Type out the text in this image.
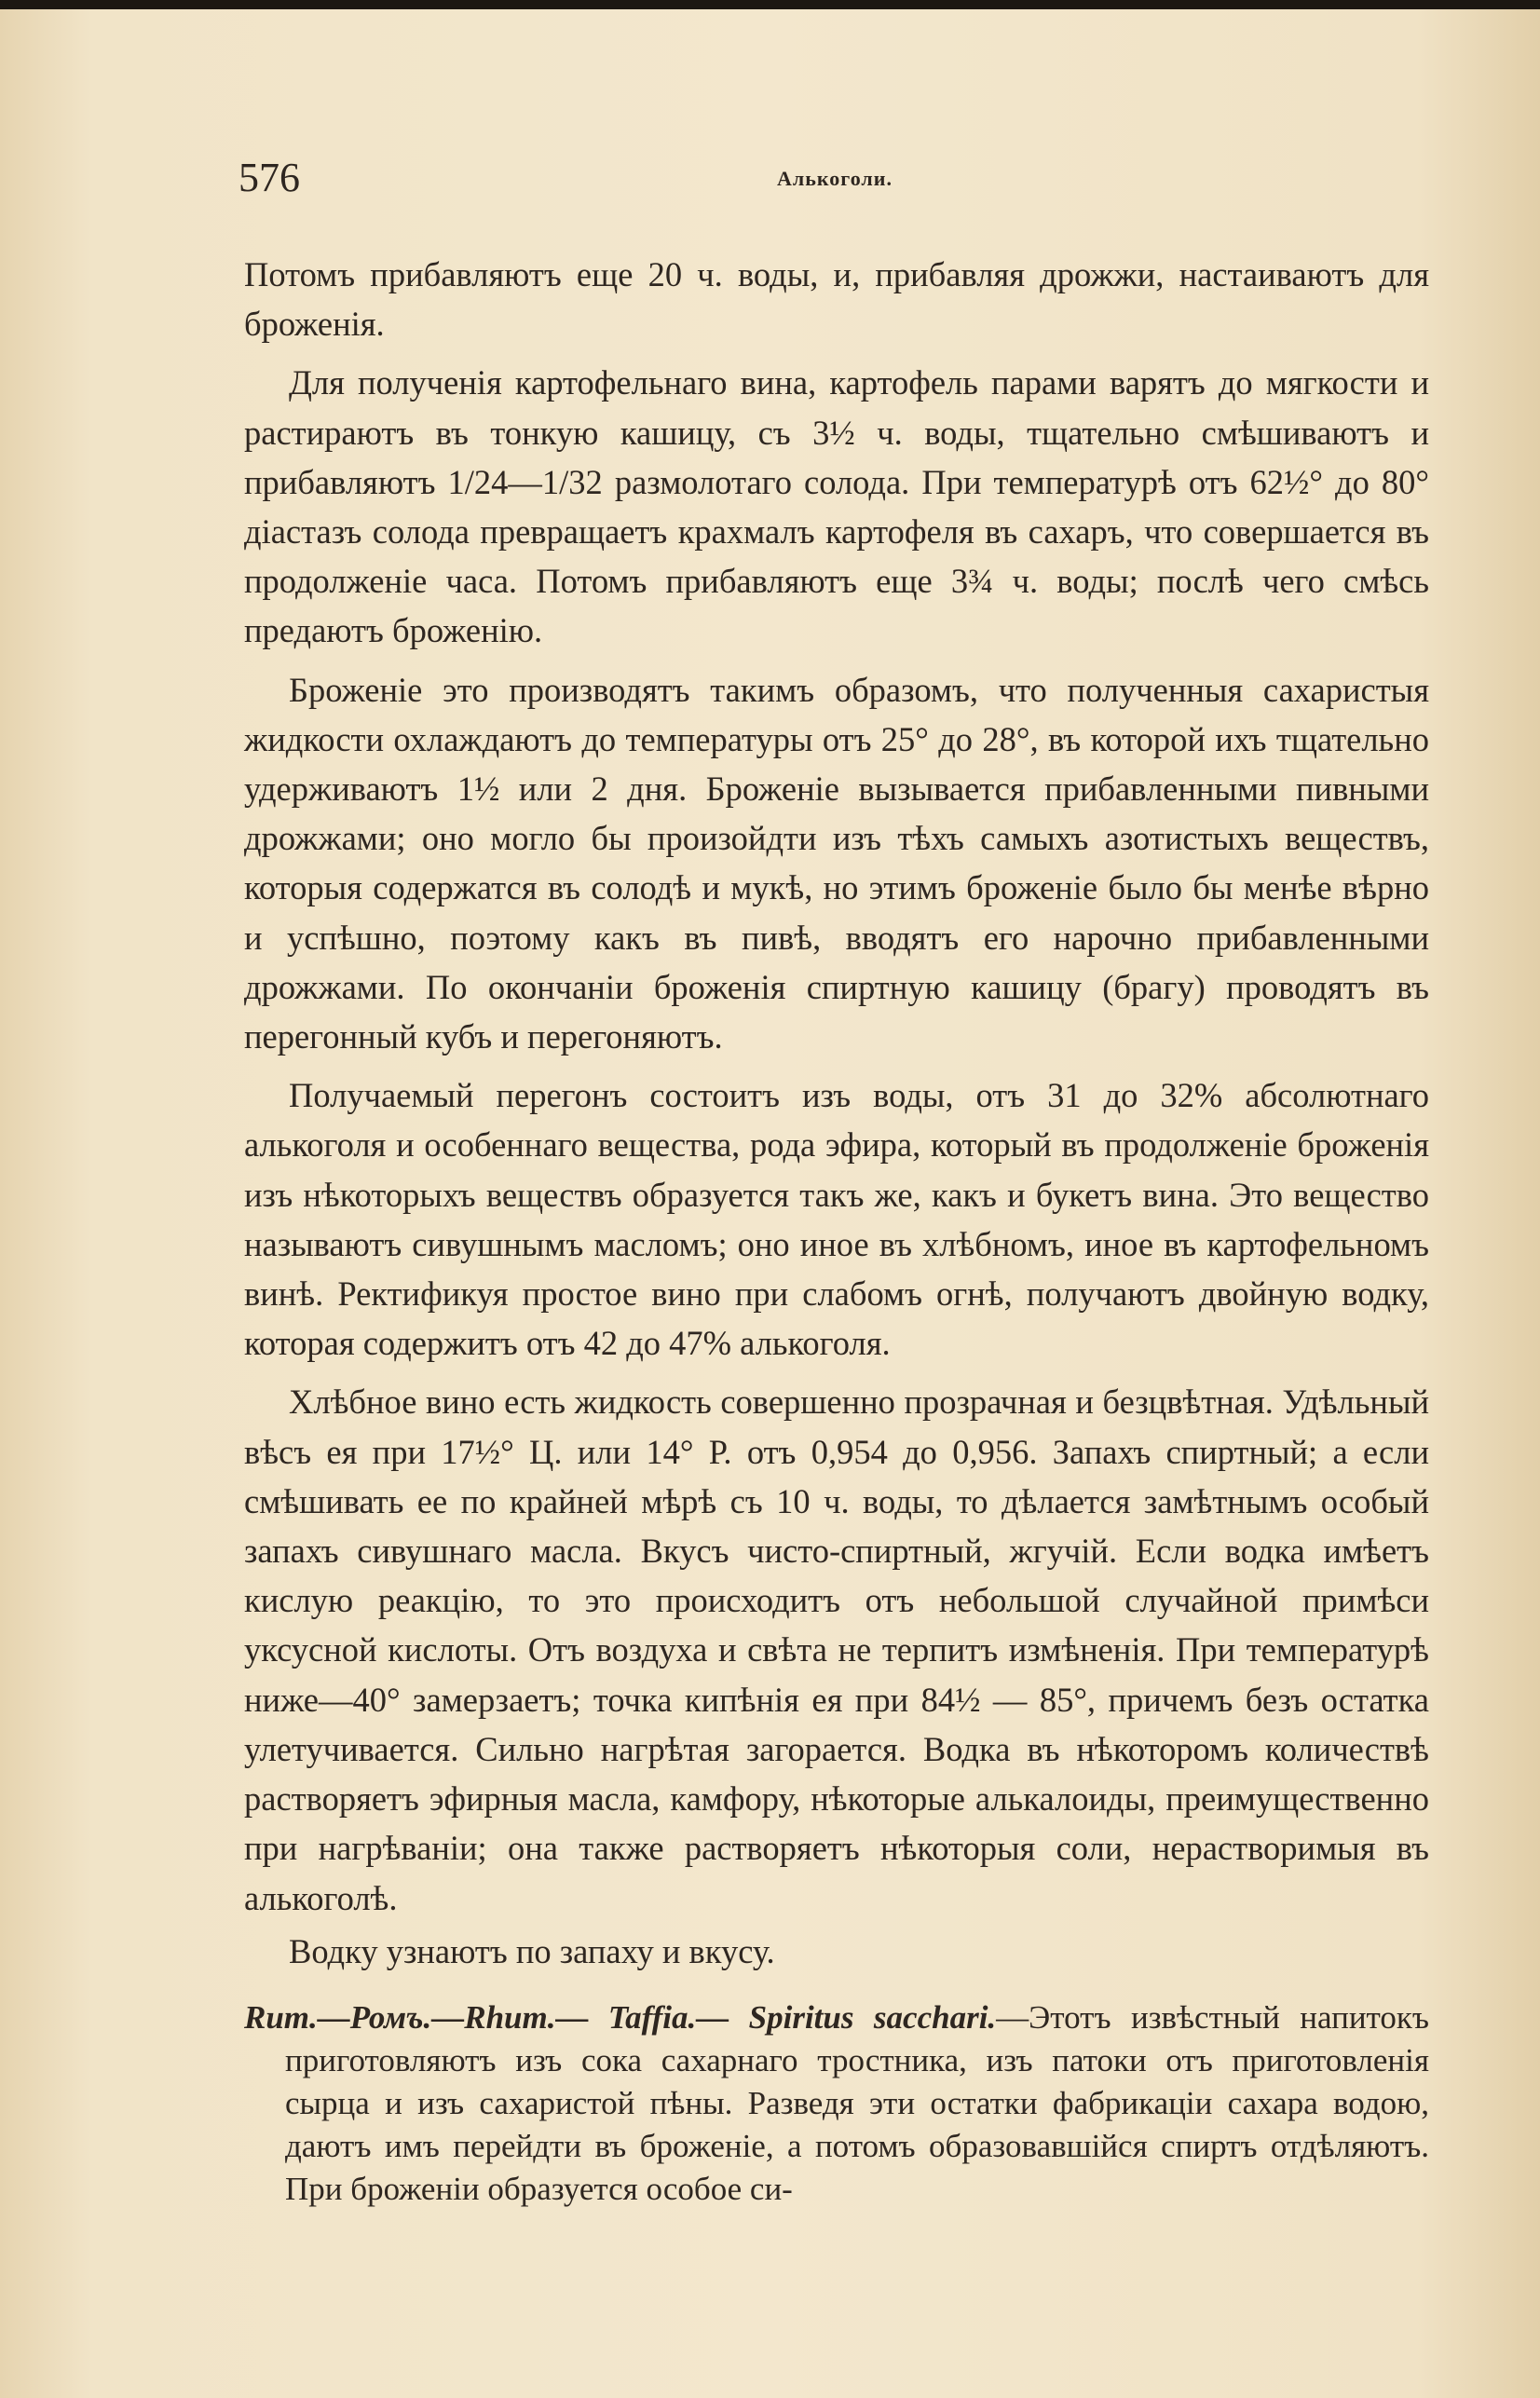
576	Алькоголи.

Потомъ прибавляютъ еще 20 ч. воды, и, прибавляя дрожжи, настаиваютъ для броженія.

Для полученія картофельнаго вина, картофель парами варятъ до мягкости и растираютъ въ тонкую кашицу, съ 3½ ч. воды, тщательно смѣшиваютъ и прибавляютъ 1/24—1/32 размолотаго солода. При температурѣ отъ 62½° до 80° діастазъ солода превращаетъ крахмалъ картофеля въ сахаръ, что совершается въ продолженіе часа. Потомъ прибавляютъ еще 3¾ ч. воды; послѣ чего смѣсь предаютъ броженію.

Броженіе это производятъ такимъ образомъ, что полученныя сахаристыя жидкости охлаждаютъ до температуры отъ 25° до 28°, въ которой ихъ тщательно удерживаютъ 1½ или 2 дня. Броженіе вызывается прибавленными пивными дрожжами; оно могло бы произойдти изъ тѣхъ самыхъ азотистыхъ веществъ, которыя содержатся въ солодѣ и мукѣ, но этимъ броженіе было бы менѣе вѣрно и успѣшно, поэтому какъ въ пивѣ, вводятъ его нарочно прибавленными дрожжами. По окончаніи броженія спиртную кашицу (брагу) проводятъ въ перегонный кубъ и перегоняютъ.

Получаемый перегонъ состоитъ изъ воды, отъ 31 до 32% абсолютнаго алькоголя и особеннаго вещества, рода эфира, который въ продолженіе броженія изъ нѣкоторыхъ веществъ образуется такъ же, какъ и букетъ вина. Это вещество называютъ сивушнымъ масломъ; оно иное въ хлѣбномъ, иное въ картофельномъ винѣ. Ректификуя простое вино при слабомъ огнѣ, получаютъ двойную водку, которая содержитъ отъ 42 до 47% алькоголя.

Хлѣбное вино есть жидкость совершенно прозрачная и безцвѣтная. Удѣльный вѣсъ ея при 17½° Ц. или 14° Р. отъ 0,954 до 0,956. Запахъ спиртный; а если смѣшивать ее по крайней мѣрѣ съ 10 ч. воды, то дѣлается замѣтнымъ особый запахъ сивушнаго масла. Вкусъ чисто-спиртный, жгучій. Если водка имѣетъ кислую реакцію, то это происходитъ отъ небольшой случайной примѣси уксусной кислоты. Отъ воздуха и свѣта не терпитъ измѣненія. При температурѣ ниже—40° замерзаетъ; точка кипѣнія ея при 84½ — 85°, причемъ безъ остатка улетучивается. Сильно нагрѣтая загорается. Водка въ нѣкоторомъ количествѣ растворяетъ эфирныя масла, камфору, нѣкоторые алькалоиды, преимущественно при нагрѣваніи; она также растворяетъ нѣкоторыя соли, нерастворимыя въ алькоголѣ.

Водку узнаютъ по запаху и вкусу.

Rum.—Ромъ.—Rhum.— Taffia.— Spiritus sacchari.—Этотъ извѣстный напитокъ приготовляютъ изъ сока сахарнаго тростника, изъ патоки отъ приготовленія сырца и изъ сахаристой пѣны. Разведя эти остатки фабрикаціи сахара водою, даютъ имъ перейдти въ броженіе, а потомъ образовавшійся спиртъ отдѣляютъ. При броженіи образуется особое си-
